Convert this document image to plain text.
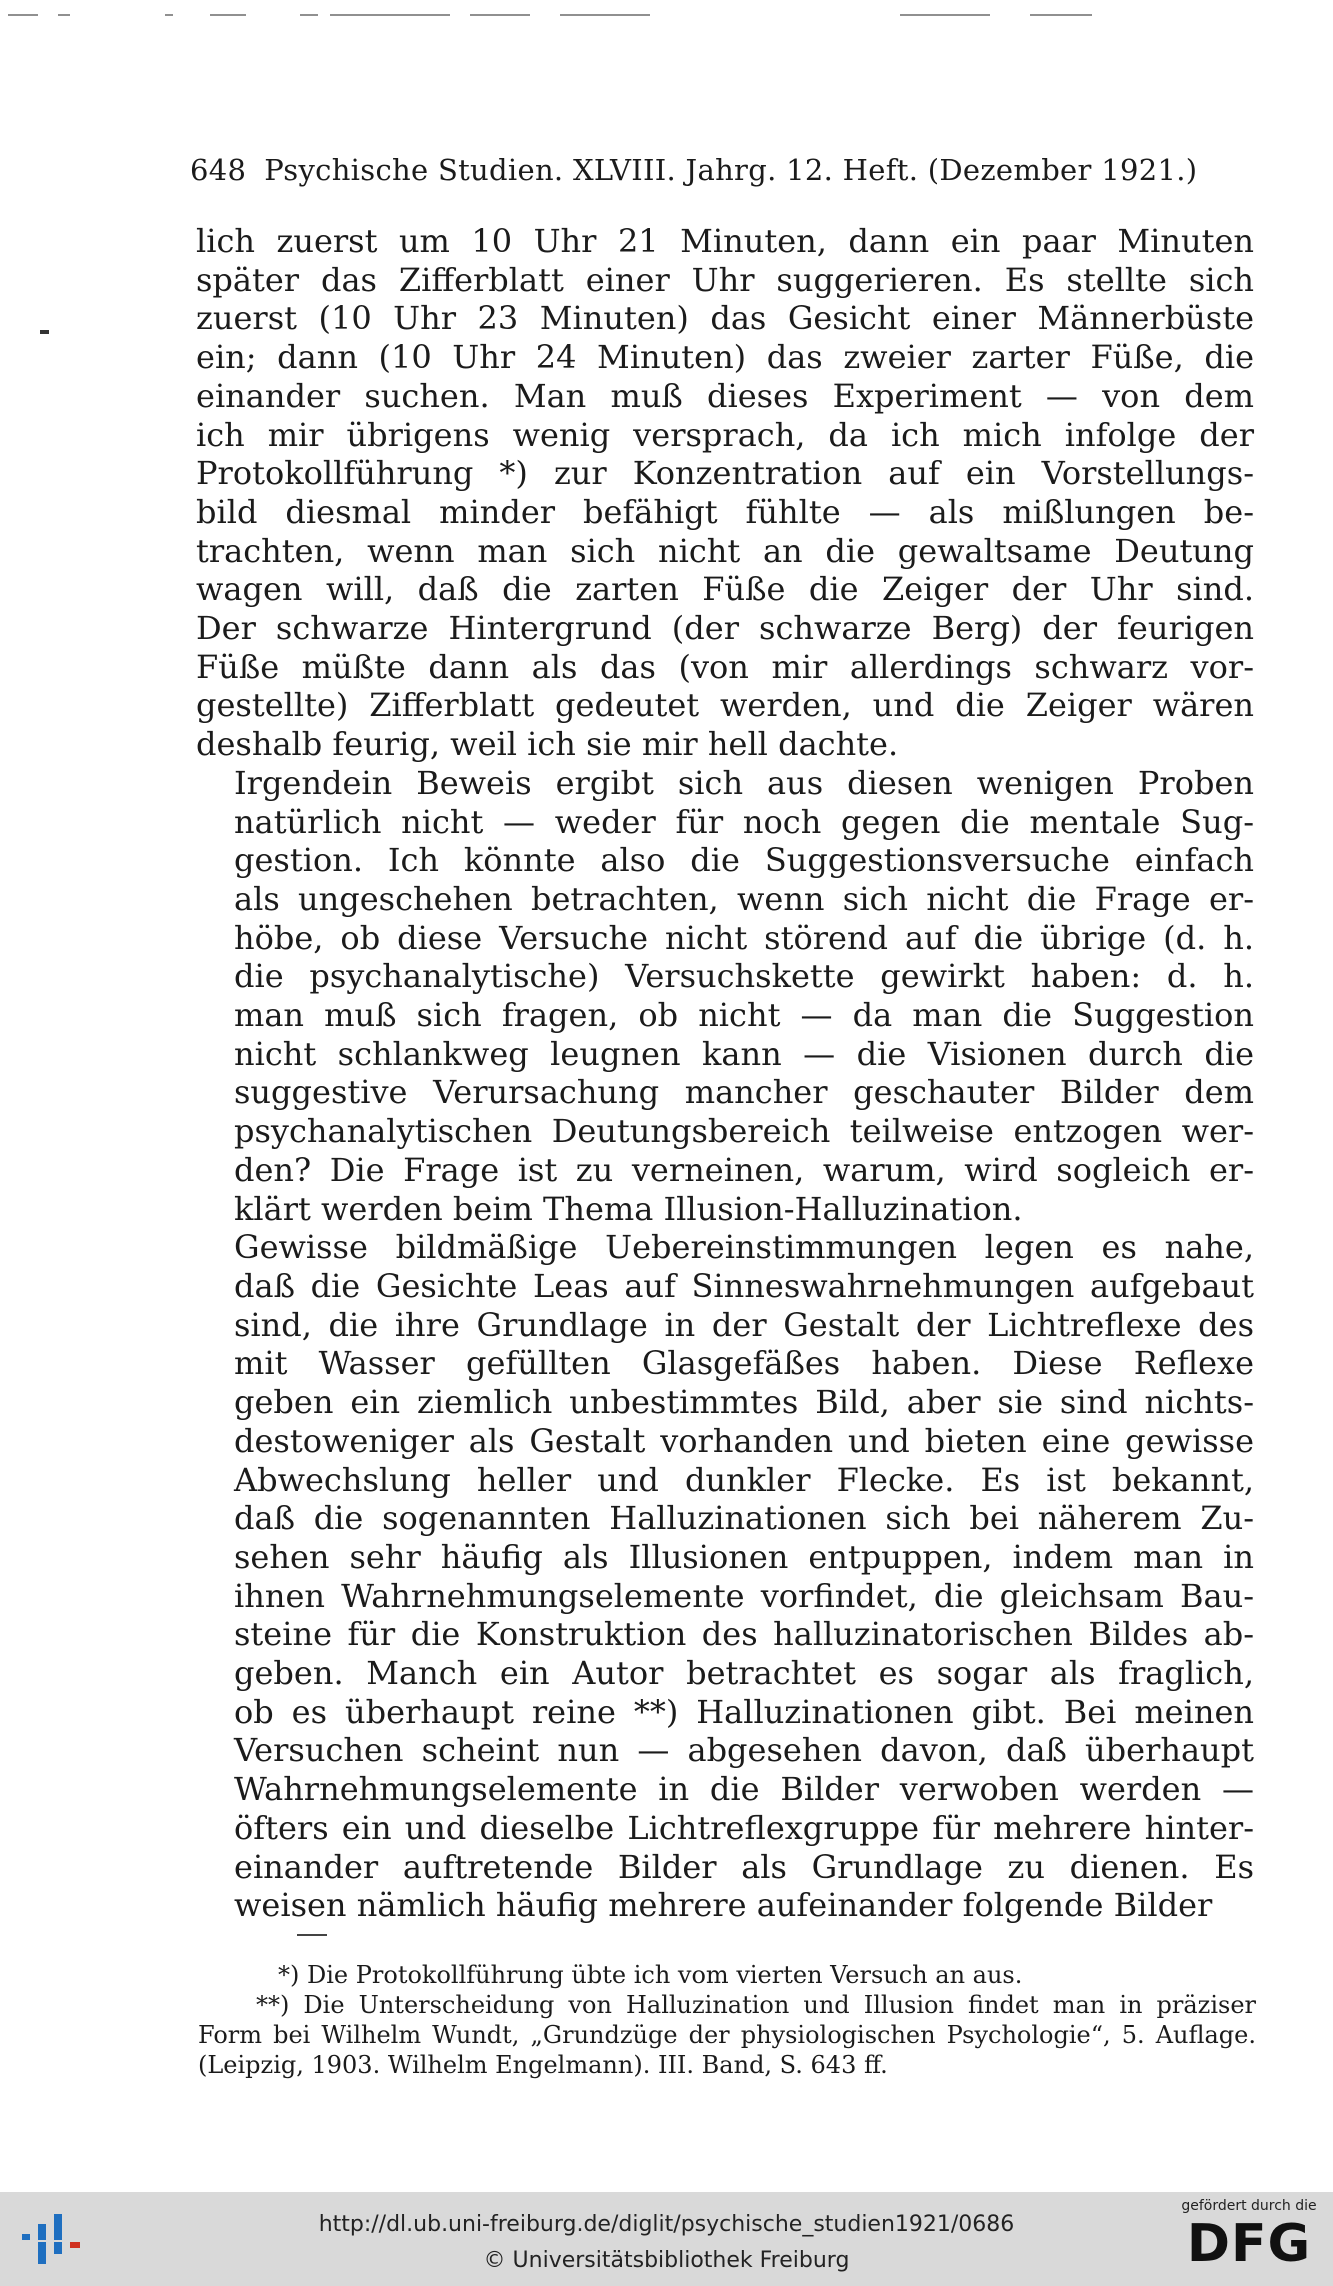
648 Psychische Studien. XLVIII. Jahrg. 12. Heft. (Dezember 1921.)

lich zuerst um 10 Uhr 21 Minuten, dann ein paar Minuten
später das Zifferblatt einer Uhr suggerieren. Es stellte sich
zuerst (10 Uhr 23 Minuten) das Gesicht einer Männerbüste
ein; dann (10 Uhr 24 Minuten) das zweier zarter Füße, die
einander suchen. Man muß dieses Experiment — von dem
ich mir übrigens wenig versprach, da ich mich infolge der
Protokollführung *) zur Konzentration auf ein Vorstellungs-
bild diesmal minder befähigt fühlte — als mißlungen be-
trachten, wenn man sich nicht an die gewaltsame Deutung
wagen will, daß die zarten Füße die Zeiger der Uhr sind.
Der schwarze Hintergrund (der schwarze Berg) der feurigen
Füße müßte dann als das (von mir allerdings schwarz vor-
gestellte) Zifferblatt gedeutet werden, und die Zeiger wären
deshalb feurig, weil ich sie mir hell dachte.

Irgendein Beweis ergibt sich aus diesen wenigen Proben
natürlich nicht — weder für noch gegen die mentale Sug-
gestion. Ich könnte also die Suggestionsversuche einfach
als ungeschehen betrachten, wenn sich nicht die Frage er-
höbe, ob diese Versuche nicht störend auf die übrige (d. h.
die psychanalytische) Versuchskette gewirkt haben: d. h.
man muß sich fragen, ob nicht — da man die Suggestion
nicht schlankweg leugnen kann — die Visionen durch die
suggestive Verursachung mancher geschauter Bilder dem
psychanalytischen Deutungsbereich teilweise entzogen wer-
den? Die Frage ist zu verneinen, warum, wird sogleich er-
klärt werden beim Thema Illusion-Halluzination.

Gewisse bildmäßige Uebereinstimmungen legen es nahe,
daß die Gesichte Leas auf Sinneswahrnehmungen aufgebaut
sind, die ihre Grundlage in der Gestalt der Lichtreflexe des
mit Wasser gefüllten Glasgefäßes haben. Diese Reflexe
geben ein ziemlich unbestimmtes Bild, aber sie sind nichts-
destoweniger als Gestalt vorhanden und bieten eine gewisse
Abwechslung heller und dunkler Flecke. Es ist bekannt,
daß die sogenannten Halluzinationen sich bei näherem Zu-
sehen sehr häufig als Illusionen entpuppen, indem man in
ihnen Wahrnehmungselemente vorfindet, die gleichsam Bau-
steine für die Konstruktion des halluzinatorischen Bildes ab-
geben. Manch ein Autor betrachtet es sogar als fraglich,
ob es überhaupt reine **) Halluzinationen gibt. Bei meinen
Versuchen scheint nun — abgesehen davon, daß überhaupt
Wahrnehmungselemente in die Bilder verwoben werden —
öfters ein und dieselbe Lichtreflexgruppe für mehrere hinter-
einander auftretende Bilder als Grundlage zu dienen. Es
weisen nämlich häufig mehrere aufeinander folgende Bilder

*) Die Protokollführung übte ich vom vierten Versuch an aus.

**) Die Unterscheidung von Halluzination und Illusion findet man in präziser Form bei Wilhelm Wundt, „Grundzüge der physiologischen Psychologie“, 5. Auflage. (Leipzig, 1903. Wilhelm Engelmann). III. Band, S. 643 ff.

http://dl.ub.uni-freiburg.de/diglit/psychische_studien1921/0686
© Universitätsbibliothek Freiburg
gefördert durch die
DFG
